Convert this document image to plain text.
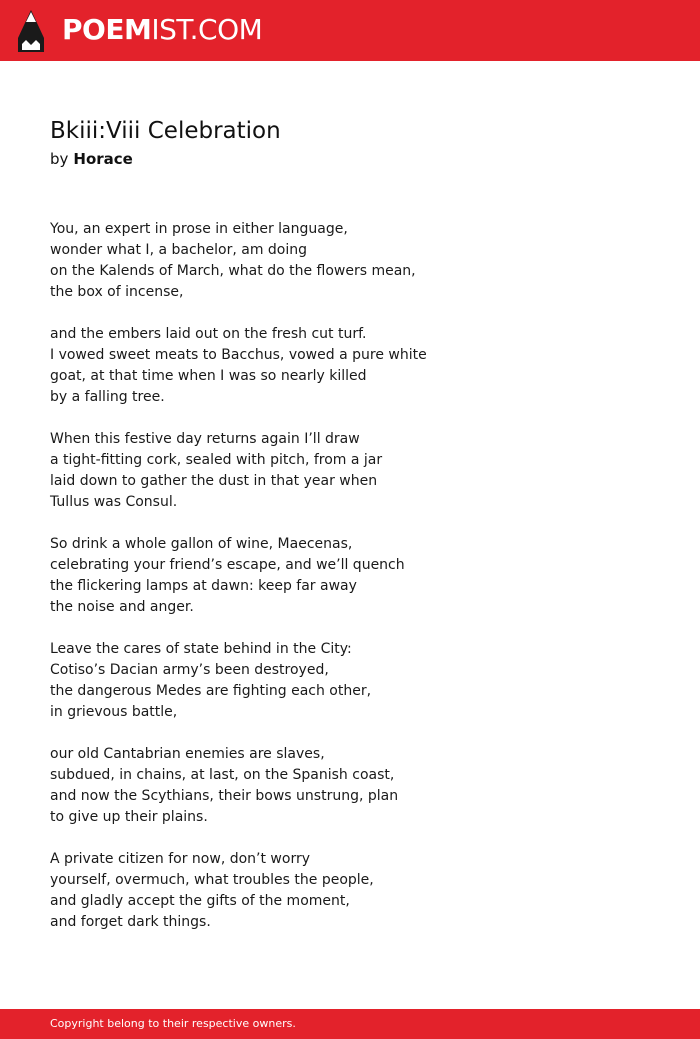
POEMIST.COM
Bkiii:Viii Celebration
by Horace
You, an expert in prose in either language,
wonder what I, a bachelor, am doing
on the Kalends of March, what do the flowers mean,
the box of incense,
and the embers laid out on the fresh cut turf.
I vowed sweet meats to Bacchus, vowed a pure white
goat, at that time when I was so nearly killed
by a falling tree.
When this festive day returns again I’ll draw
a tight-fitting cork, sealed with pitch, from a jar
laid down to gather the dust in that year when
Tullus was Consul.
So drink a whole gallon of wine, Maecenas,
celebrating your friend’s escape, and we’ll quench
the flickering lamps at dawn: keep far away
the noise and anger.
Leave the cares of state behind in the City:
Cotiso’s Dacian army’s been destroyed,
the dangerous Medes are fighting each other,
in grievous battle,
our old Cantabrian enemies are slaves,
subdued, in chains, at last, on the Spanish coast,
and now the Scythians, their bows unstrung, plan
to give up their plains.
A private citizen for now, don’t worry
yourself, overmuch, what troubles the people,
and gladly accept the gifts of the moment,
and forget dark things.
Copyright belong to their respective owners.
